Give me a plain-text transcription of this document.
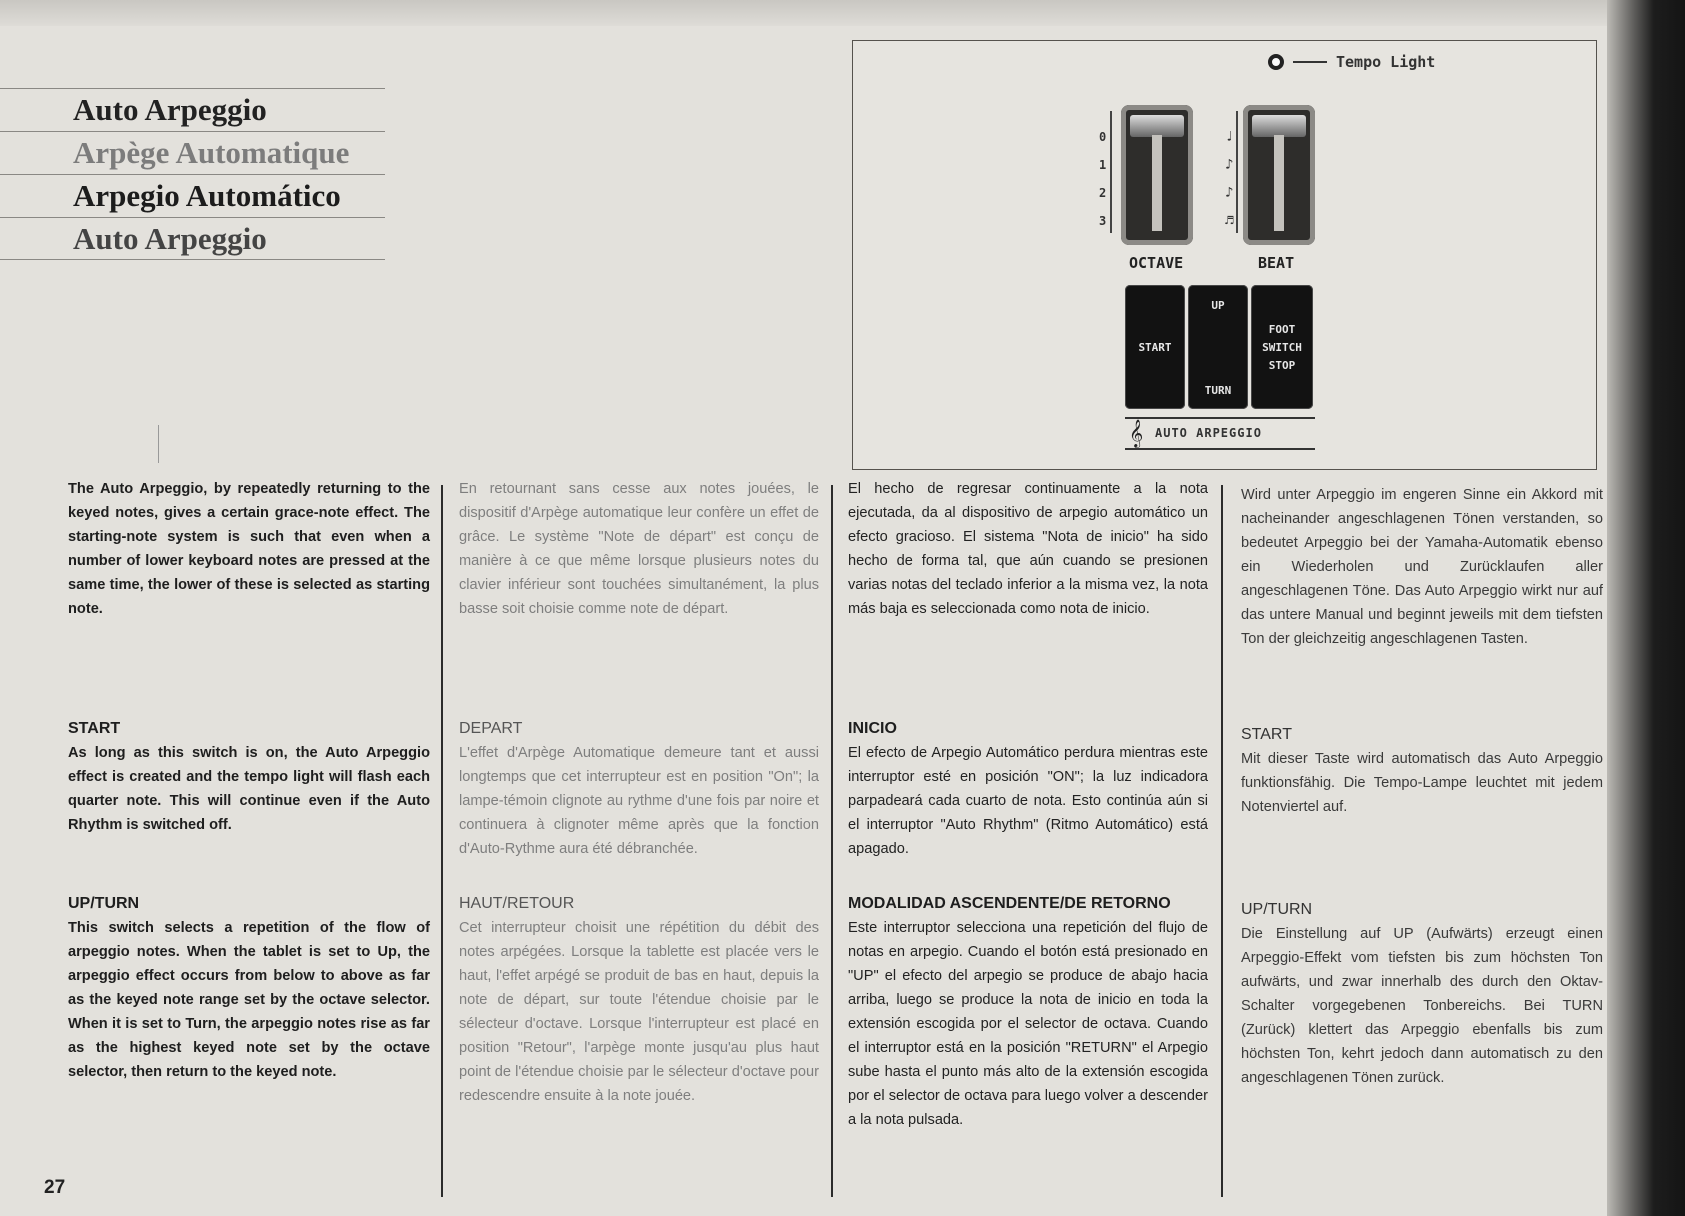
Auto Arpeggio
Arpège Automatique
Arpegio Automático
Auto Arpeggio
Tempo Light
0
1
2
3
OCTAVE
♩
♪
♪
♬
BEAT
START
UP
TURN
FOOT SWITCH STOP
𝄞 AUTO ARPEGGIO

The Auto Arpeggio, by repeatedly returning to the keyed notes, gives a certain grace-note effect. The starting-note system is such that even when a number of lower keyboard notes are pressed at the same time, the lower of these is selected as starting note.

START

As long as this switch is on, the Auto Arpeggio effect is created and the tempo light will flash each quarter note. This will continue even if the Auto Rhythm is switched off.

UP/TURN

This switch selects a repetition of the flow of arpeggio notes. When the tablet is set to Up, the arpeggio effect occurs from below to above as far as the keyed note range set by the octave selector. When it is set to Turn, the arpeggio notes rise as far as the highest keyed note set by the octave selector, then return to the keyed note.

En retournant sans cesse aux notes jouées, le dispositif d'Arpège automatique leur confère un effet de grâce. Le système "Note de départ" est conçu de manière à ce que même lorsque plusieurs notes du clavier inférieur sont touchées simultanément, la plus basse soit choisie comme note de départ.

DEPART

L'effet d'Arpège Automatique demeure tant et aussi longtemps que cet interrupteur est en position "On"; la lampe-témoin clignote au rythme d'une fois par noire et continuera à clignoter même après que la fonction d'Auto-Rythme aura été débranchée.

HAUT/RETOUR

Cet interrupteur choisit une répétition du débit des notes arpégées. Lorsque la tablette est placée vers le haut, l'effet arpégé se produit de bas en haut, depuis la note de départ, sur toute l'étendue choisie par le sélecteur d'octave. Lorsque l'interrupteur est placé en position "Retour", l'arpège monte jusqu'au plus haut point de l'étendue choisie par le sélecteur d'octave pour redescendre ensuite à la note jouée.

El hecho de regresar continuamente a la nota ejecutada, da al dispositivo de arpegio automático un efecto gracioso. El sistema "Nota de inicio" ha sido hecho de forma tal, que aún cuando se presionen varias notas del teclado inferior a la misma vez, la nota más baja es seleccionada como nota de inicio.

INICIO

El efecto de Arpegio Automático perdura mientras este interruptor esté en posición "ON"; la luz indicadora parpadeará cada cuarto de nota. Esto continúa aún si el interruptor "Auto Rhythm" (Ritmo Automático) está apagado.

MODALIDAD ASCENDENTE/DE RETORNO

Este interruptor selecciona una repetición del flujo de notas en arpegio. Cuando el botón está presionado en "UP" el efecto del arpegio se produce de abajo hacia arriba, luego se produce la nota de inicio en toda la extensión escogida por el selector de octava. Cuando el interruptor está en la posición "RETURN" el Arpegio sube hasta el punto más alto de la extensión escogida por el selector de octava para luego volver a descender a la nota pulsada.

Wird unter Arpeggio im engeren Sinne ein Akkord mit nacheinander angeschlagenen Tönen verstanden, so bedeutet Arpeggio bei der Yamaha-Automatik ebenso ein Wiederholen und Zurücklaufen aller angeschlagenen Töne. Das Auto Arpeggio wirkt nur auf das untere Manual und beginnt jeweils mit dem tiefsten Ton der gleichzeitig angeschlagenen Tasten.

START

Mit dieser Taste wird automatisch das Auto Arpeggio funktionsfähig. Die Tempo-Lampe leuchtet mit jedem Notenviertel auf.

UP/TURN

Die Einstellung auf UP (Aufwärts) erzeugt einen Arpeggio-Effekt vom tiefsten bis zum höchsten Ton aufwärts, und zwar innerhalb des durch den Oktav-Schalter vorgegebenen Tonbereichs. Bei TURN (Zurück) klettert das Arpeggio ebenfalls bis zum höchsten Ton, kehrt jedoch dann automatisch zu den angeschlagenen Tönen zurück.

27
